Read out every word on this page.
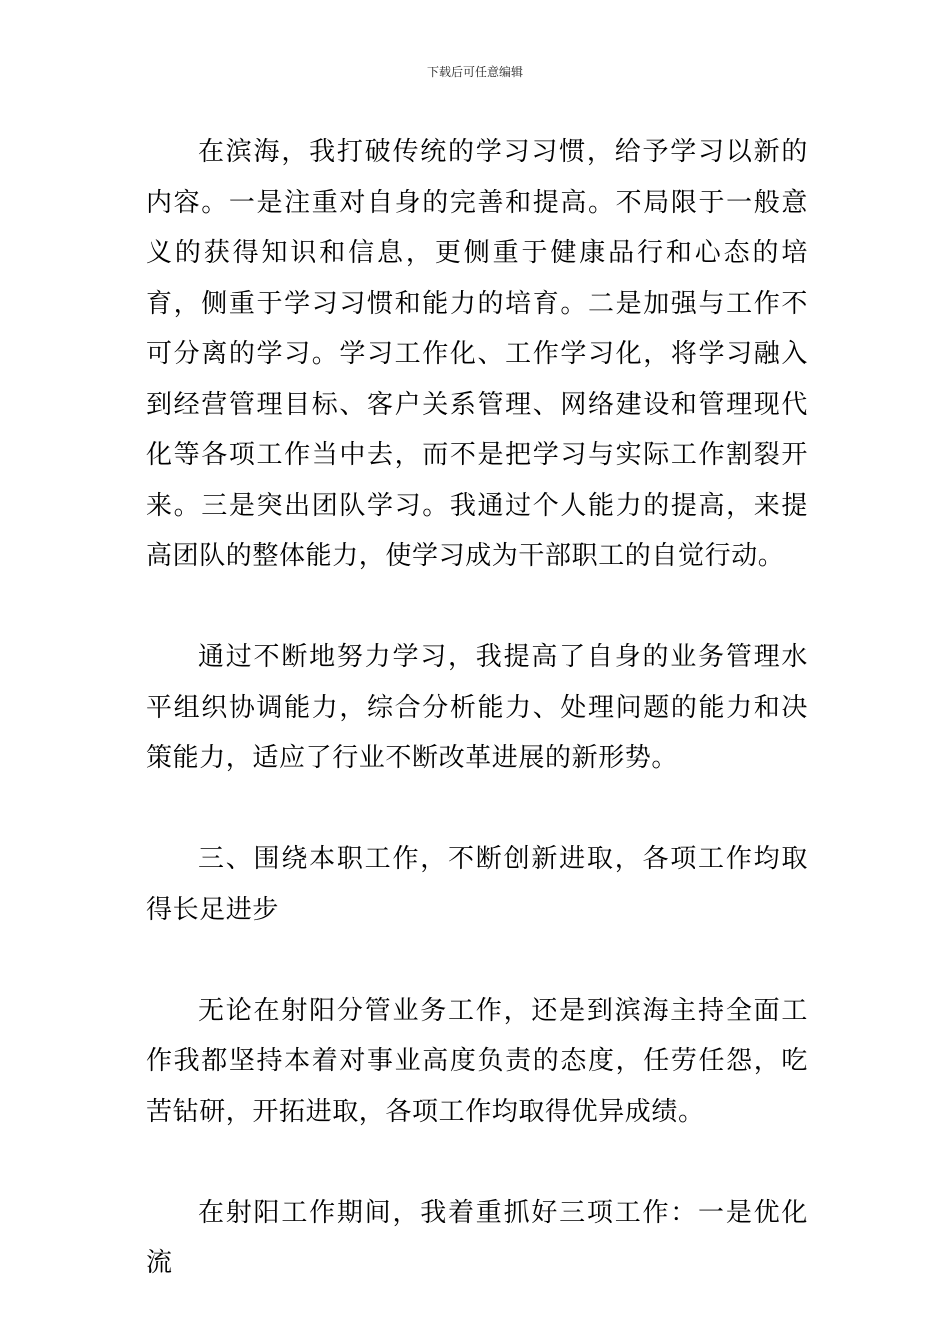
下载后可任意编辑

在滨海，我打破传统的学习习惯，给予学习以新的内容。一是注重对自身的完善和提高。不局限于一般意义的获得知识和信息，更侧重于健康品行和心态的培育，侧重于学习习惯和能力的培育。二是加强与工作不可分离的学习。学习工作化、工作学习化，将学习融入到经营管理目标、客户关系管理、网络建设和管理现代化等各项工作当中去，而不是把学习与实际工作割裂开来。三是突出团队学习。我通过个人能力的提高，来提高团队的整体能力，使学习成为干部职工的自觉行动。

通过不断地努力学习，我提高了自身的业务管理水平组织协调能力，综合分析能力、处理问题的能力和决策能力，适应了行业不断改革进展的新形势。

三、围绕本职工作，不断创新进取，各项工作均取得长足进步

无论在射阳分管业务工作，还是到滨海主持全面工作我都坚持本着对事业高度负责的态度，任劳任怨，吃苦钻研，开拓进取，各项工作均取得优异成绩。

在射阳工作期间，我着重抓好三项工作：一是优化流
